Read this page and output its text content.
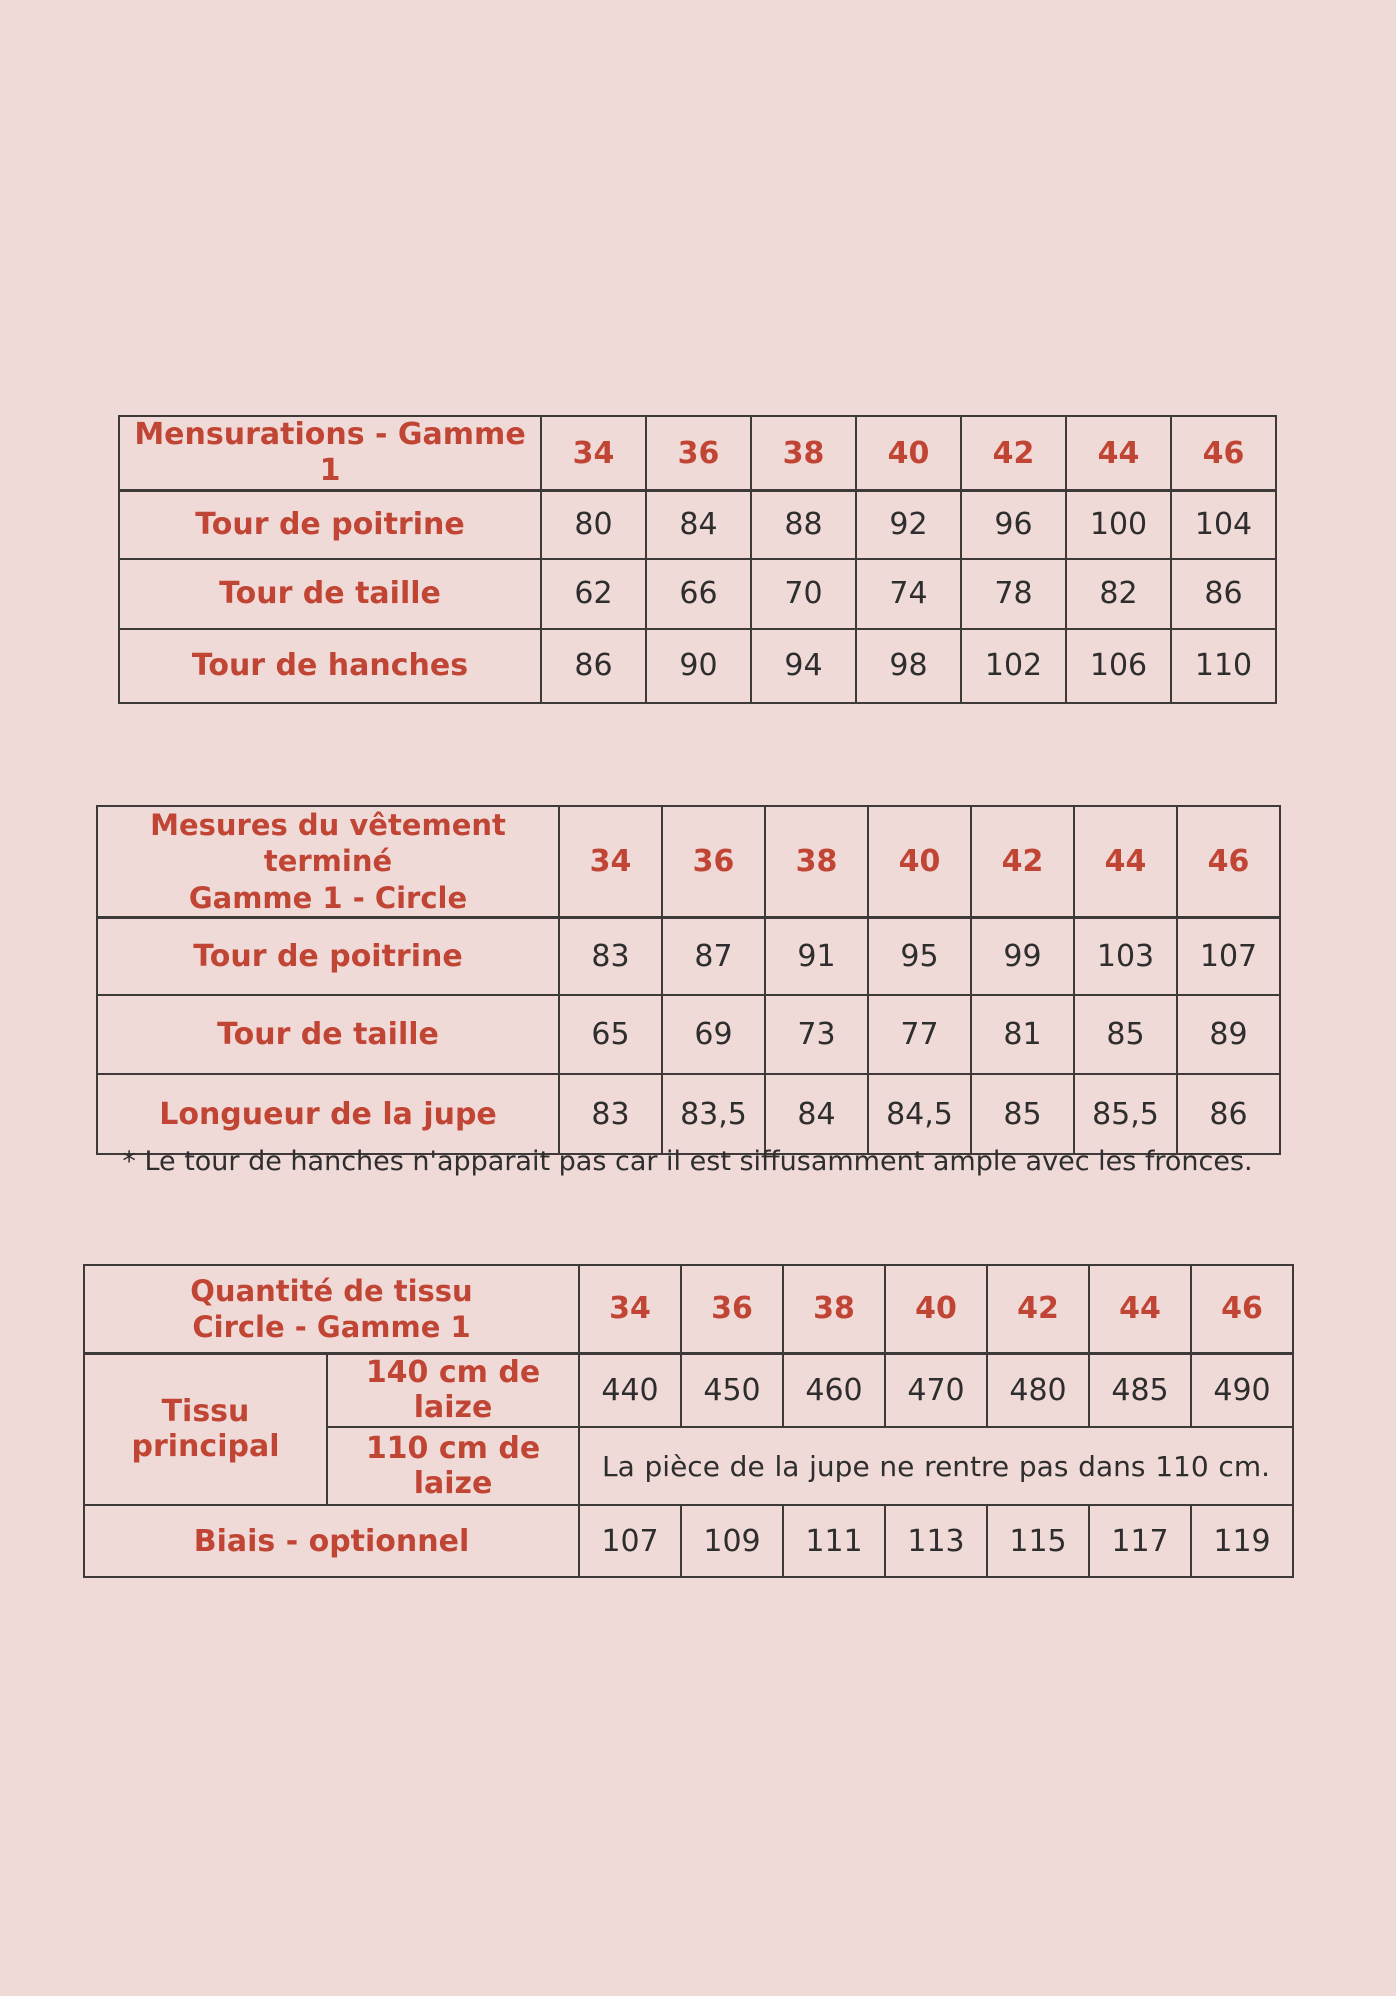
Mensurations - Gamme 1	34	36	38	40	42	44	46
Tour de poitrine	80	84	88	92	96	100	104
Tour de taille	62	66	70	74	78	82	86
Tour de hanches	86	90	94	98	102	106	110
Mesures du vêtement terminé
Gamme 1 - Circle	34	36	38	40	42	44	46
Tour de poitrine	83	87	91	95	99	103	107
Tour de taille	65	69	73	77	81	85	89
Longueur de la jupe	83	83,5	84	84,5	85	85,5	86
* Le tour de hanches n'apparait pas car il est siffusamment ample avec les fronces.
Quantité de tissu
Circle - Gamme 1		34	36	38	40	42	44	46
Tissu principal	140 cm de laize	440	450	460	470	480	485	490
	110 cm de laize	La pièce de la jupe ne rentre pas dans 110 cm.						
Biais - optionnel		107	109	111	113	115	117	119
